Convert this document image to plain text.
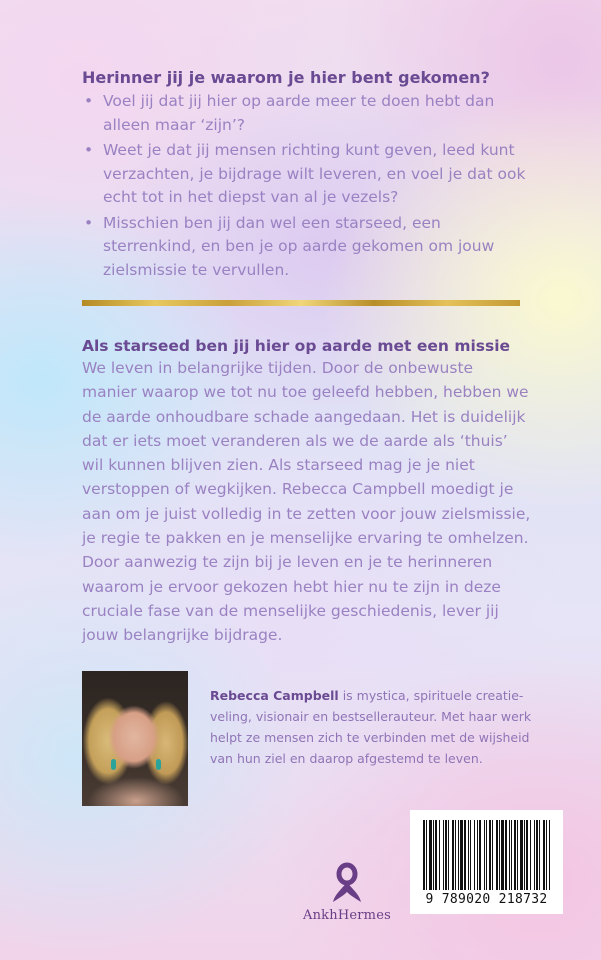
Herinner jij je waarom je hier bent gekomen?
• Voel jij dat jij hier op aarde meer te doen hebt dan alleen maar ‘zijn’?
• Weet je dat jij mensen richting kunt geven, leed kunt verzachten, je bijdrage wilt leveren, en voel je dat ook echt tot in het diepst van al je vezels?
• Misschien ben jij dan wel een starseed, een sterrenkind, en ben je op aarde gekomen om jouw zielsmissie te vervullen.
Als starseed ben jij hier op aarde met een missie

We leven in belangrijke tijden. Door de onbewuste manier waarop we tot nu toe geleefd hebben, hebben we de aarde onhoudbare schade aangedaan. Het is duidelijk dat er iets moet veranderen als we de aarde als ‘thuis’ wil kunnen blijven zien. Als starseed mag je je niet verstoppen of wegkijken. Rebecca Campbell moedigt je aan om je juist volledig in te zetten voor jouw zielsmissie, je regie te pakken en je menselijke ervaring te omhelzen. Door aanwezig te zijn bij je leven en je te herinneren waarom je ervoor gekozen hebt hier nu te zijn in deze cruciale fase van de menselijke geschiedenis, lever jij jouw belangrijke bijdrage.

Rebecca Campbell is mystica, spirituele creatie-veling, visionair en bestsellerauteur. Met haar werk helpt ze mensen zich te verbinden met de wijsheid van hun ziel en daarop afgestemd te leven.
9 789020 218732
AnkhHermes
